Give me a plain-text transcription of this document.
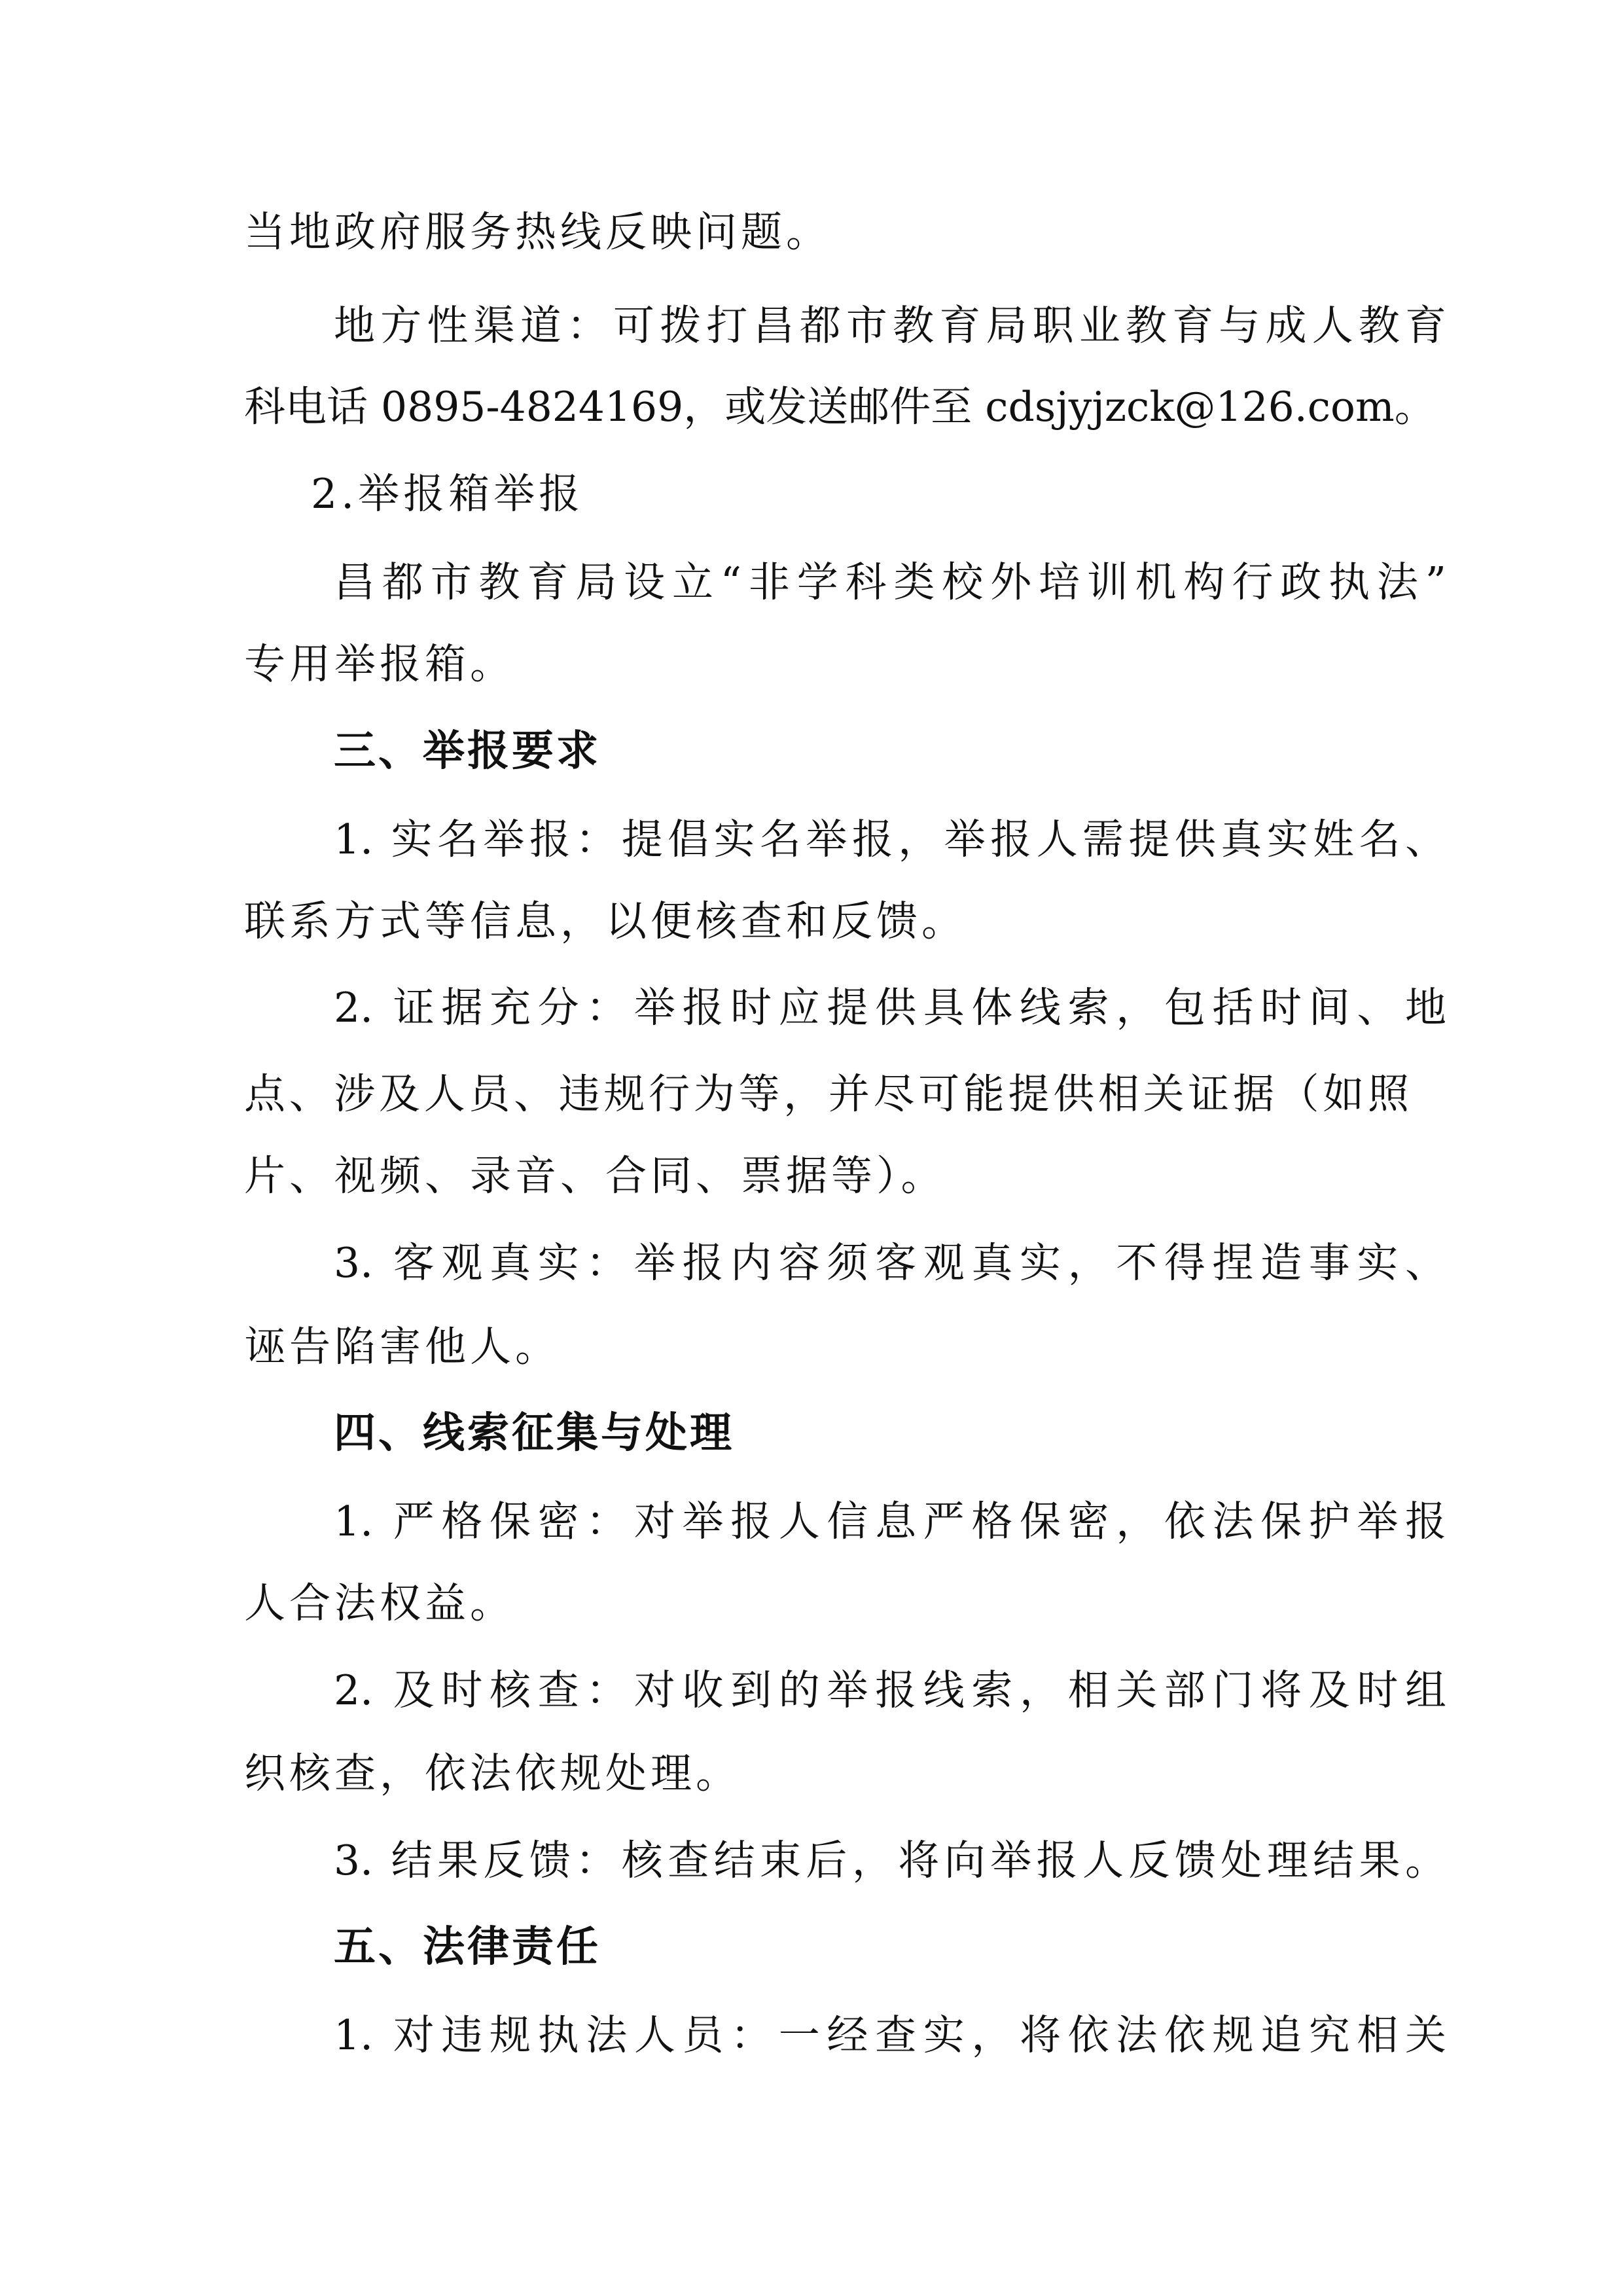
当地政府服务热线反映问题。
地方性渠道：可拨打昌都市教育局职业教育与成人教育
科电话 0895-4824169，或发送邮件至 cdsjyjzck@126.com。
2.举报箱举报
昌都市教育局设立“非学科类校外培训机构行政执法”
专用举报箱。
三、举报要求
1. 实名举报：提倡实名举报，举报人需提供真实姓名、
联系方式等信息，以便核查和反馈。
2. 证据充分：举报时应提供具体线索，包括时间、地
点、涉及人员、违规行为等，并尽可能提供相关证据（如照
片、视频、录音、合同、票据等）。
3. 客观真实：举报内容须客观真实，不得捏造事实、
诬告陷害他人。
四、线索征集与处理
1. 严格保密：对举报人信息严格保密，依法保护举报
人合法权益。
2. 及时核查：对收到的举报线索，相关部门将及时组
织核查，依法依规处理。
3. 结果反馈：核查结束后，将向举报人反馈处理结果。
五、法律责任
1. 对违规执法人员：一经查实，将依法依规追究相关
